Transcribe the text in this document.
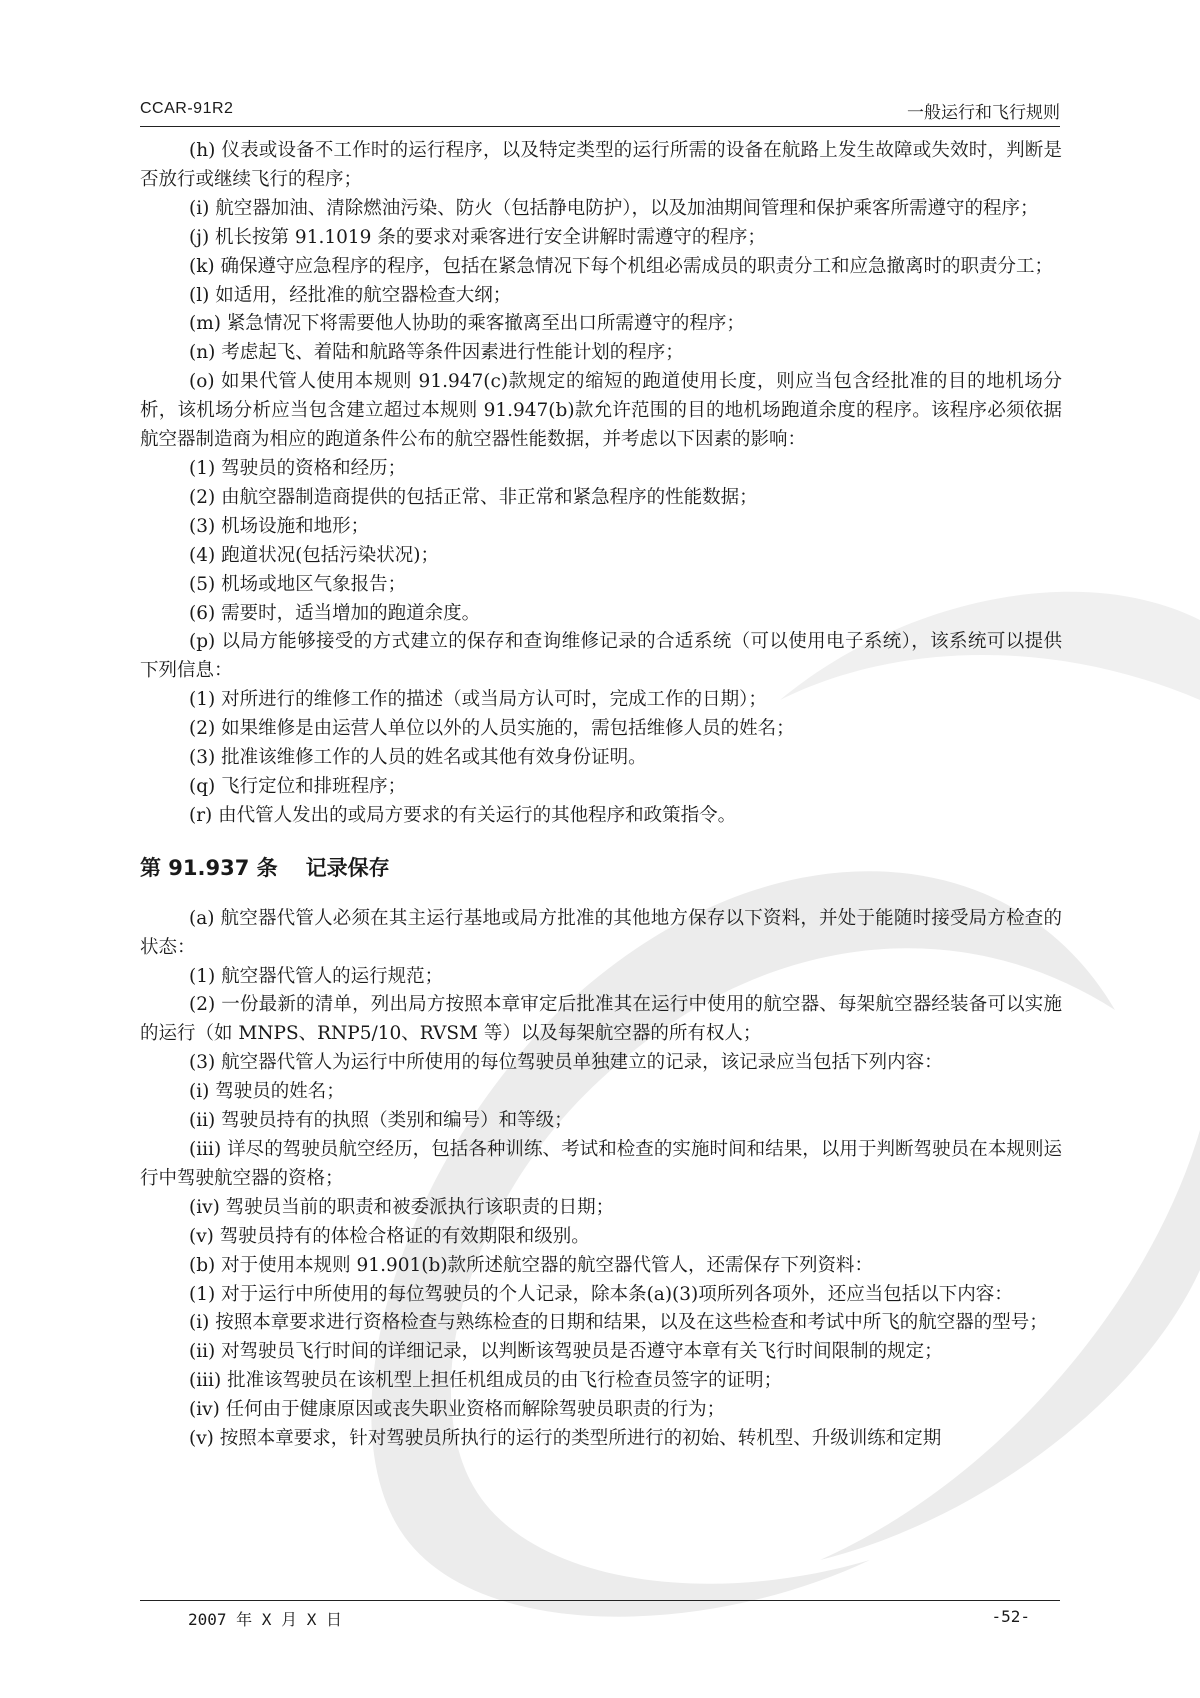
CCAR-91R2	一般运行和飞行规则

(h) 仪表或设备不工作时的运行程序，以及特定类型的运行所需的设备在航路上发生故障或失效时，判断是否放行或继续飞行的程序；

(i) 航空器加油、清除燃油污染、防火（包括静电防护），以及加油期间管理和保护乘客所需遵守的程序；

(j) 机长按第 91.1019 条的要求对乘客进行安全讲解时需遵守的程序；

(k) 确保遵守应急程序的程序，包括在紧急情况下每个机组必需成员的职责分工和应急撤离时的职责分工；

(l) 如适用，经批准的航空器检查大纲；

(m) 紧急情况下将需要他人协助的乘客撤离至出口所需遵守的程序；

(n) 考虑起飞、着陆和航路等条件因素进行性能计划的程序；

(o) 如果代管人使用本规则 91.947(c)款规定的缩短的跑道使用长度，则应当包含经批准的目的地机场分析，该机场分析应当包含建立超过本规则 91.947(b)款允许范围的目的地机场跑道余度的程序。该程序必须依据航空器制造商为相应的跑道条件公布的航空器性能数据，并考虑以下因素的影响：

(1) 驾驶员的资格和经历；

(2) 由航空器制造商提供的包括正常、非正常和紧急程序的性能数据；

(3) 机场设施和地形；

(4) 跑道状况(包括污染状况)；

(5) 机场或地区气象报告；

(6) 需要时，适当增加的跑道余度。

(p) 以局方能够接受的方式建立的保存和查询维修记录的合适系统（可以使用电子系统），该系统可以提供下列信息：

(1) 对所进行的维修工作的描述（或当局方认可时，完成工作的日期）；

(2) 如果维修是由运营人单位以外的人员实施的，需包括维修人员的姓名；

(3) 批准该维修工作的人员的姓名或其他有效身份证明。

(q) 飞行定位和排班程序；

(r) 由代管人发出的或局方要求的有关运行的其他程序和政策指令。

第 91.937 条 记录保存

(a) 航空器代管人必须在其主运行基地或局方批准的其他地方保存以下资料，并处于能随时接受局方检查的状态：

(1) 航空器代管人的运行规范；

(2) 一份最新的清单，列出局方按照本章审定后批准其在运行中使用的航空器、每架航空器经装备可以实施的运行（如 MNPS、RNP5/10、RVSM 等）以及每架航空器的所有权人；

(3) 航空器代管人为运行中所使用的每位驾驶员单独建立的记录，该记录应当包括下列内容：

(i) 驾驶员的姓名；

(ii) 驾驶员持有的执照（类别和编号）和等级；

(iii) 详尽的驾驶员航空经历，包括各种训练、考试和检查的实施时间和结果，以用于判断驾驶员在本规则运行中驾驶航空器的资格；

(iv) 驾驶员当前的职责和被委派执行该职责的日期；

(v) 驾驶员持有的体检合格证的有效期限和级别。

(b) 对于使用本规则 91.901(b)款所述航空器的航空器代管人，还需保存下列资料：

(1) 对于运行中所使用的每位驾驶员的个人记录，除本条(a)(3)项所列各项外，还应当包括以下内容：

(i) 按照本章要求进行资格检查与熟练检查的日期和结果，以及在这些检查和考试中所飞的航空器的型号；

(ii) 对驾驶员飞行时间的详细记录，以判断该驾驶员是否遵守本章有关飞行时间限制的规定；

(iii) 批准该驾驶员在该机型上担任机组成员的由飞行检查员签字的证明；

(iv) 任何由于健康原因或丧失职业资格而解除驾驶员职责的行为；

(v) 按照本章要求，针对驾驶员所执行的运行的类型所进行的初始、转机型、升级训练和定期

2007 年 X 月 X 日	-52-
